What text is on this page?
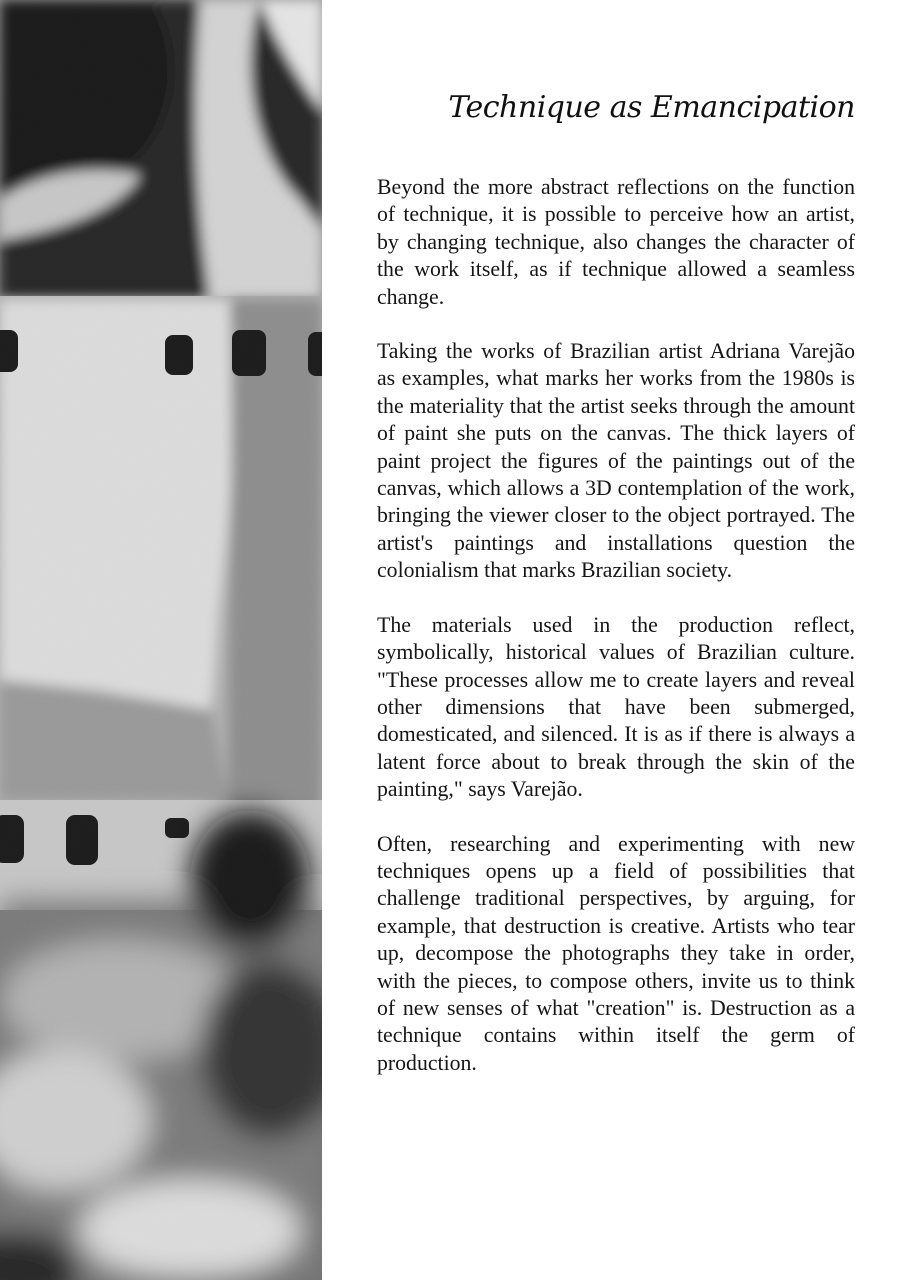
Technique as Emancipation

Beyond the more abstract reflections on the function of technique, it is possible to perceive how an artist, by changing technique, also changes the character of the work itself, as if technique allowed a seamless change.

Taking the works of Brazilian artist Adriana Varejão as examples, what marks her works from the 1980s is the materiality that the artist seeks through the amount of paint she puts on the canvas. The thick layers of paint project the figures of the paintings out of the canvas, which allows a 3D contemplation of the work, bringing the viewer closer to the object portrayed. The artist's paintings and installations question the colonialism that marks Brazilian society.

The materials used in the production reflect, symbolically, historical values of Brazilian culture. "These processes allow me to create layers and reveal other dimensions that have been submerged, domesticated, and silenced. It is as if there is always a latent force about to break through the skin of the painting," says Varejão.

Often, researching and experimenting with new techniques opens up a field of possibilities that challenge traditional perspectives, by arguing, for example, that destruction is creative. Artists who tear up, decompose the photographs they take in order, with the pieces, to compose others, invite us to think of new senses of what "creation" is. Destruction as a technique contains within itself the germ of production.
